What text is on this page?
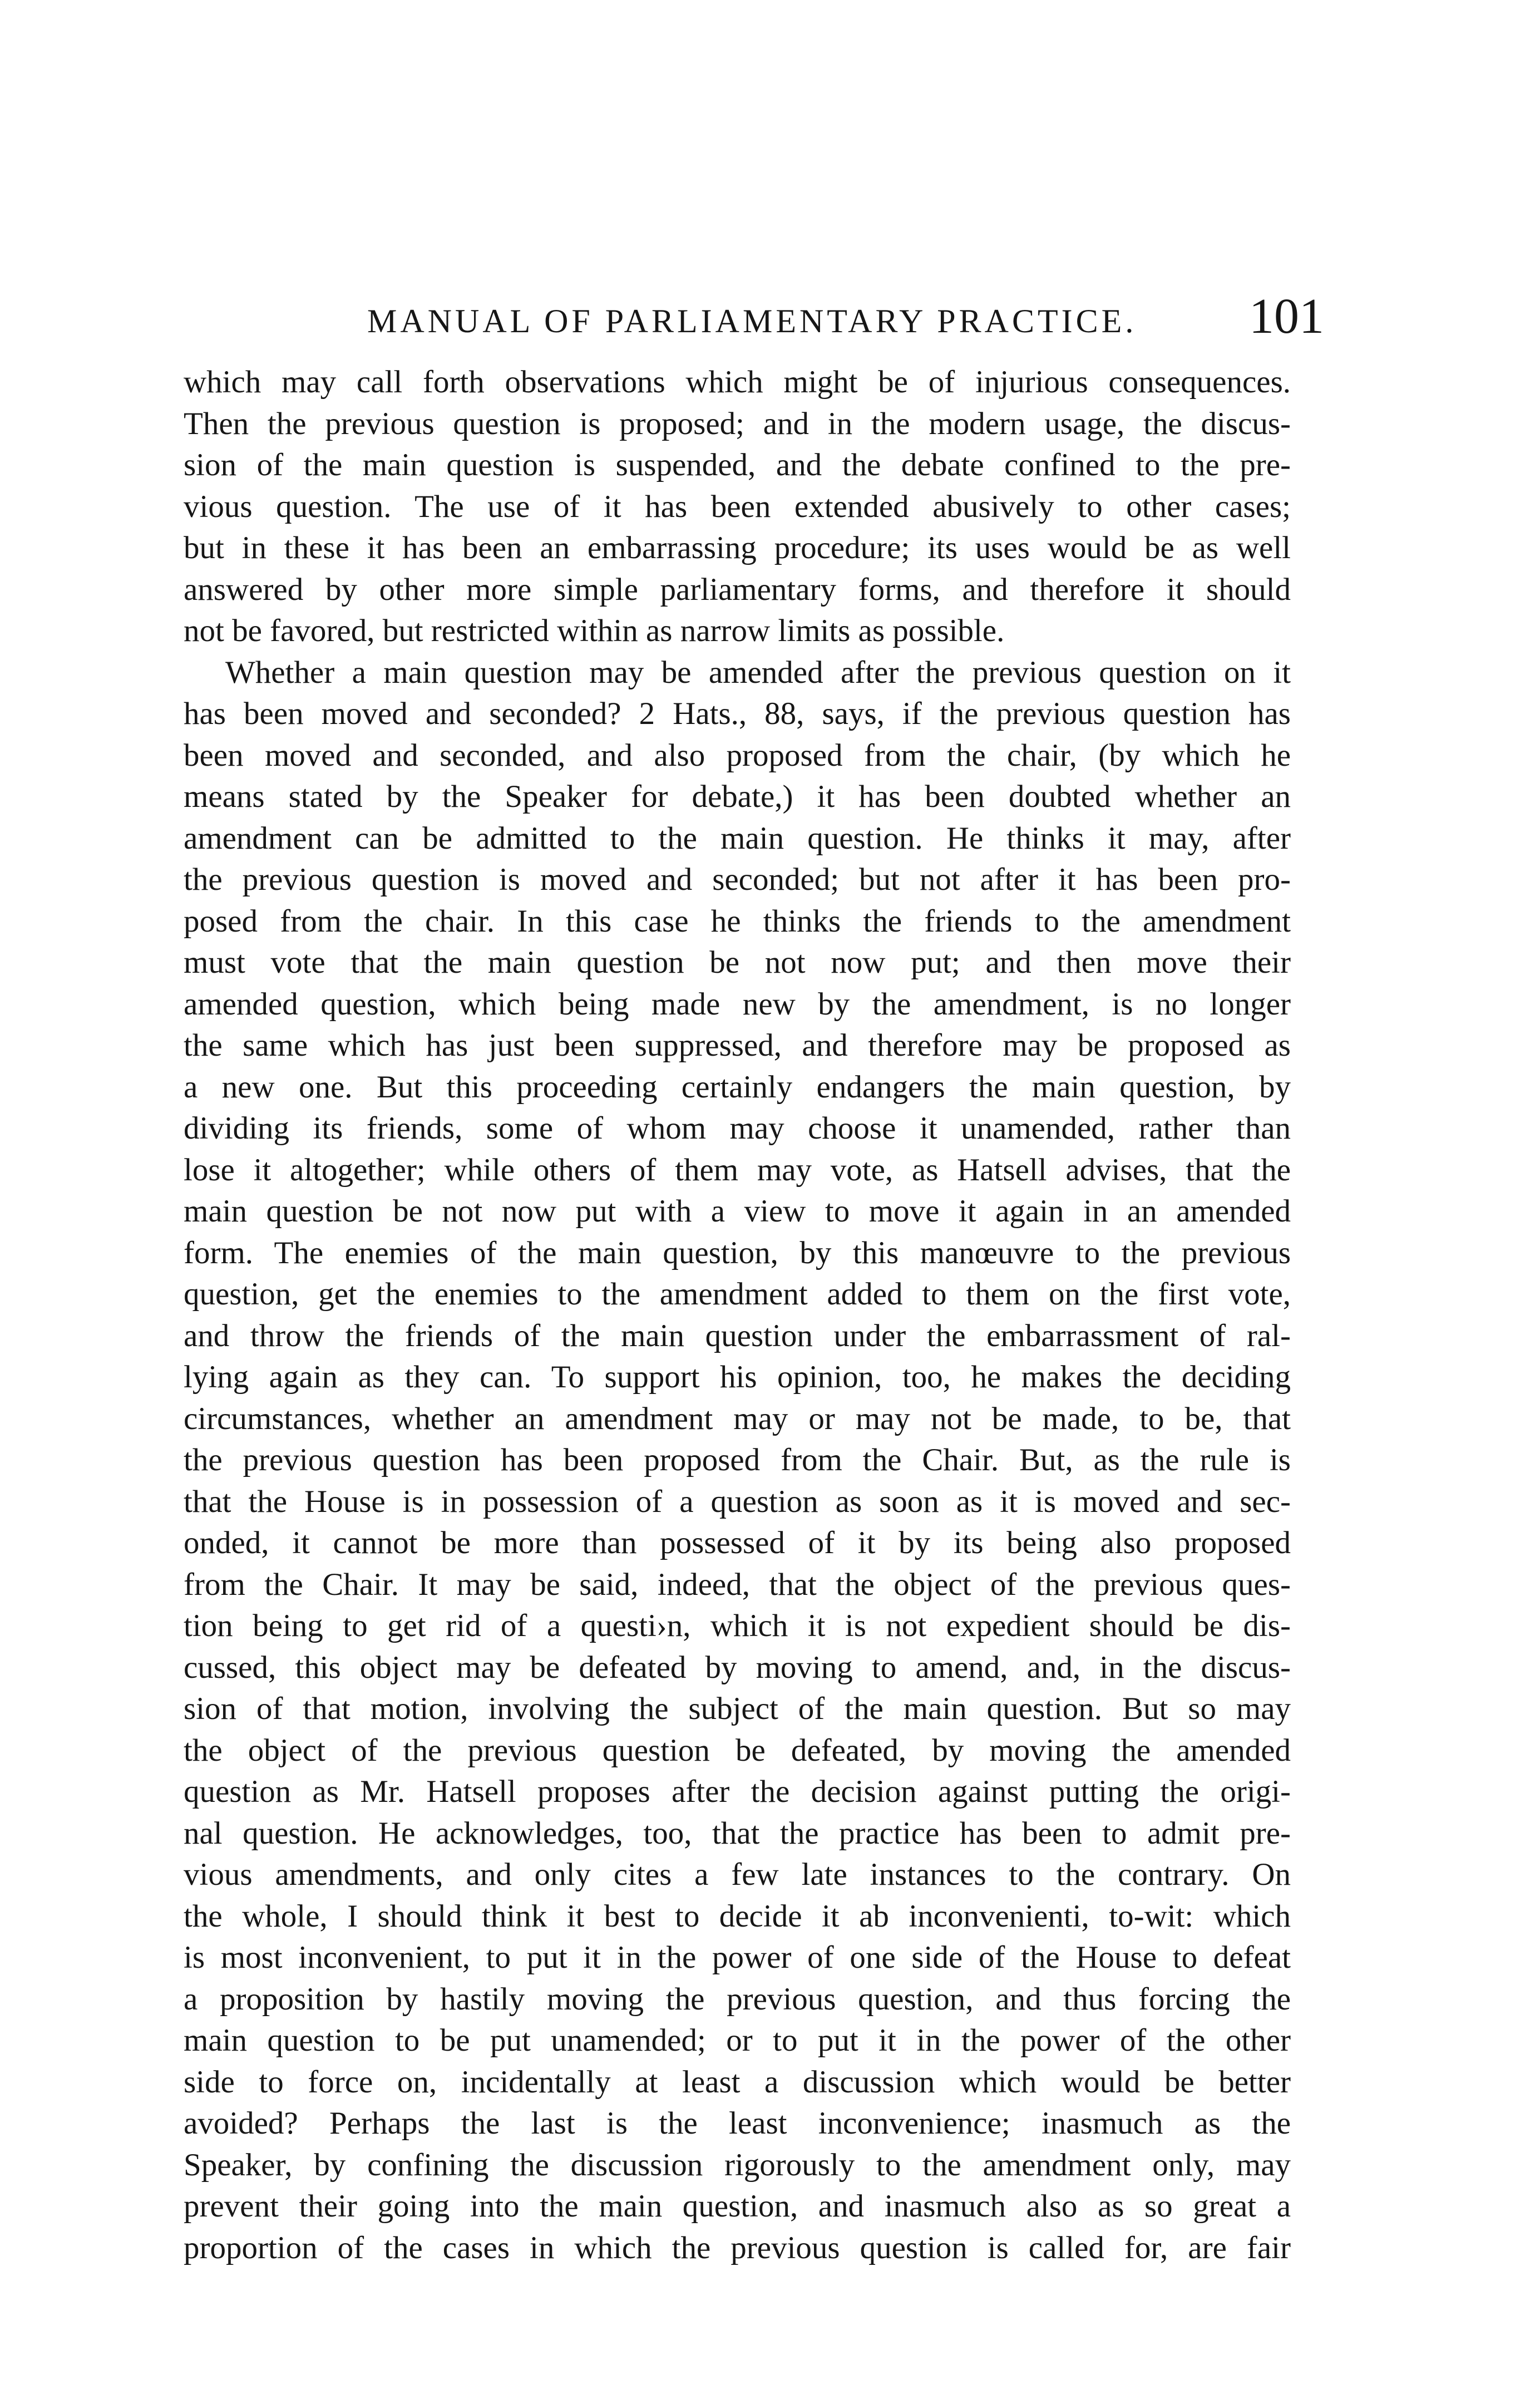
MANUAL OF PARLIAMENTARY PRACTICE. 101
which may call forth observations which might be of injurious consequences.
Then the previous question is proposed; and in the modern usage, the discus-
sion of the main question is suspended, and the debate confined to the pre-
vious question. The use of it has been extended abusively to other cases;
but in these it has been an embarrassing procedure; its uses would be as well
answered by other more simple parliamentary forms, and therefore it should
not be favored, but restricted within as narrow limits as possible.
Whether a main question may be amended after the previous question on it
has been moved and seconded? 2 Hats., 88, says, if the previous question has
been moved and seconded, and also proposed from the chair, (by which he
means stated by the Speaker for debate,) it has been doubted whether an
amendment can be admitted to the main question. He thinks it may, after
the previous question is moved and seconded; but not after it has been pro-
posed from the chair. In this case he thinks the friends to the amendment
must vote that the main question be not now put; and then move their
amended question, which being made new by the amendment, is no longer
the same which has just been suppressed, and therefore may be proposed as
a new one. But this proceeding certainly endangers the main question, by
dividing its friends, some of whom may choose it unamended, rather than
lose it altogether; while others of them may vote, as Hatsell advises, that the
main question be not now put with a view to move it again in an amended
form. The enemies of the main question, by this manœuvre to the previous
question, get the enemies to the amendment added to them on the first vote,
and throw the friends of the main question under the embarrassment of ral-
lying again as they can. To support his opinion, too, he makes the deciding
circumstances, whether an amendment may or may not be made, to be, that
the previous question has been proposed from the Chair. But, as the rule is
that the House is in possession of a question as soon as it is moved and sec-
onded, it cannot be more than possessed of it by its being also proposed
from the Chair. It may be said, indeed, that the object of the previous ques-
tion being to get rid of a questi›n, which it is not expedient should be dis-
cussed, this object may be defeated by moving to amend, and, in the discus-
sion of that motion, involving the subject of the main question. But so may
the object of the previous question be defeated, by moving the amended
question as Mr. Hatsell proposes after the decision against putting the origi-
nal question. He acknowledges, too, that the practice has been to admit pre-
vious amendments, and only cites a few late instances to the contrary. On
the whole, I should think it best to decide it ab inconvenienti, to-wit: which
is most inconvenient, to put it in the power of one side of the House to defeat
a proposition by hastily moving the previous question, and thus forcing the
main question to be put unamended; or to put it in the power of the other
side to force on, incidentally at least a discussion which would be better
avoided? Perhaps the last is the least inconvenience; inasmuch as the
Speaker, by confining the discussion rigorously to the amendment only, may
prevent their going into the main question, and inasmuch also as so great a
proportion of the cases in which the previous question is called for, are fair
